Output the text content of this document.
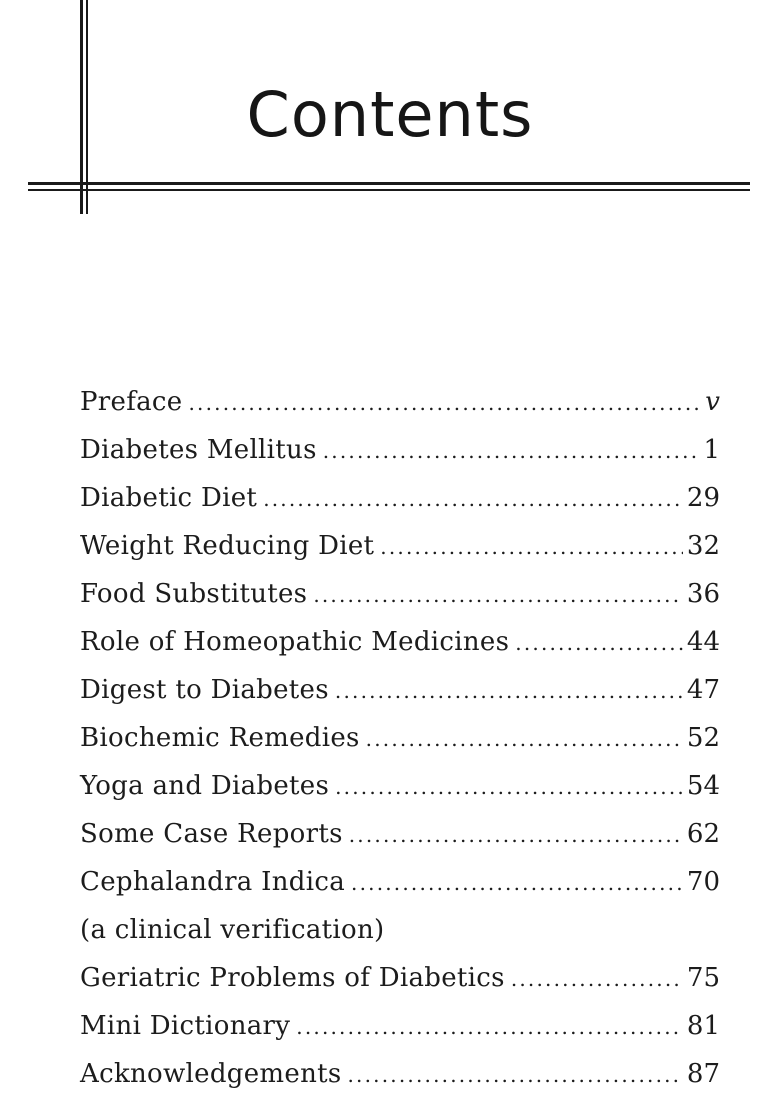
Contents
Preface .....	v
Diabetes Mellitus .....	1
Diabetic Diet .....	29
Weight Reducing Diet .....	32
Food Substitutes .....	36
Role of Homeopathic Medicines .....	44
Digest to Diabetes .....	47
Biochemic Remedies .....	52
Yoga and Diabetes .....	54
Some Case Reports .....	62
Cephalandra Indica .....	70
(a clinical verification)
Geriatric Problems of Diabetics .....	75
Mini Dictionary .....	81
Acknowledgements .....	87
